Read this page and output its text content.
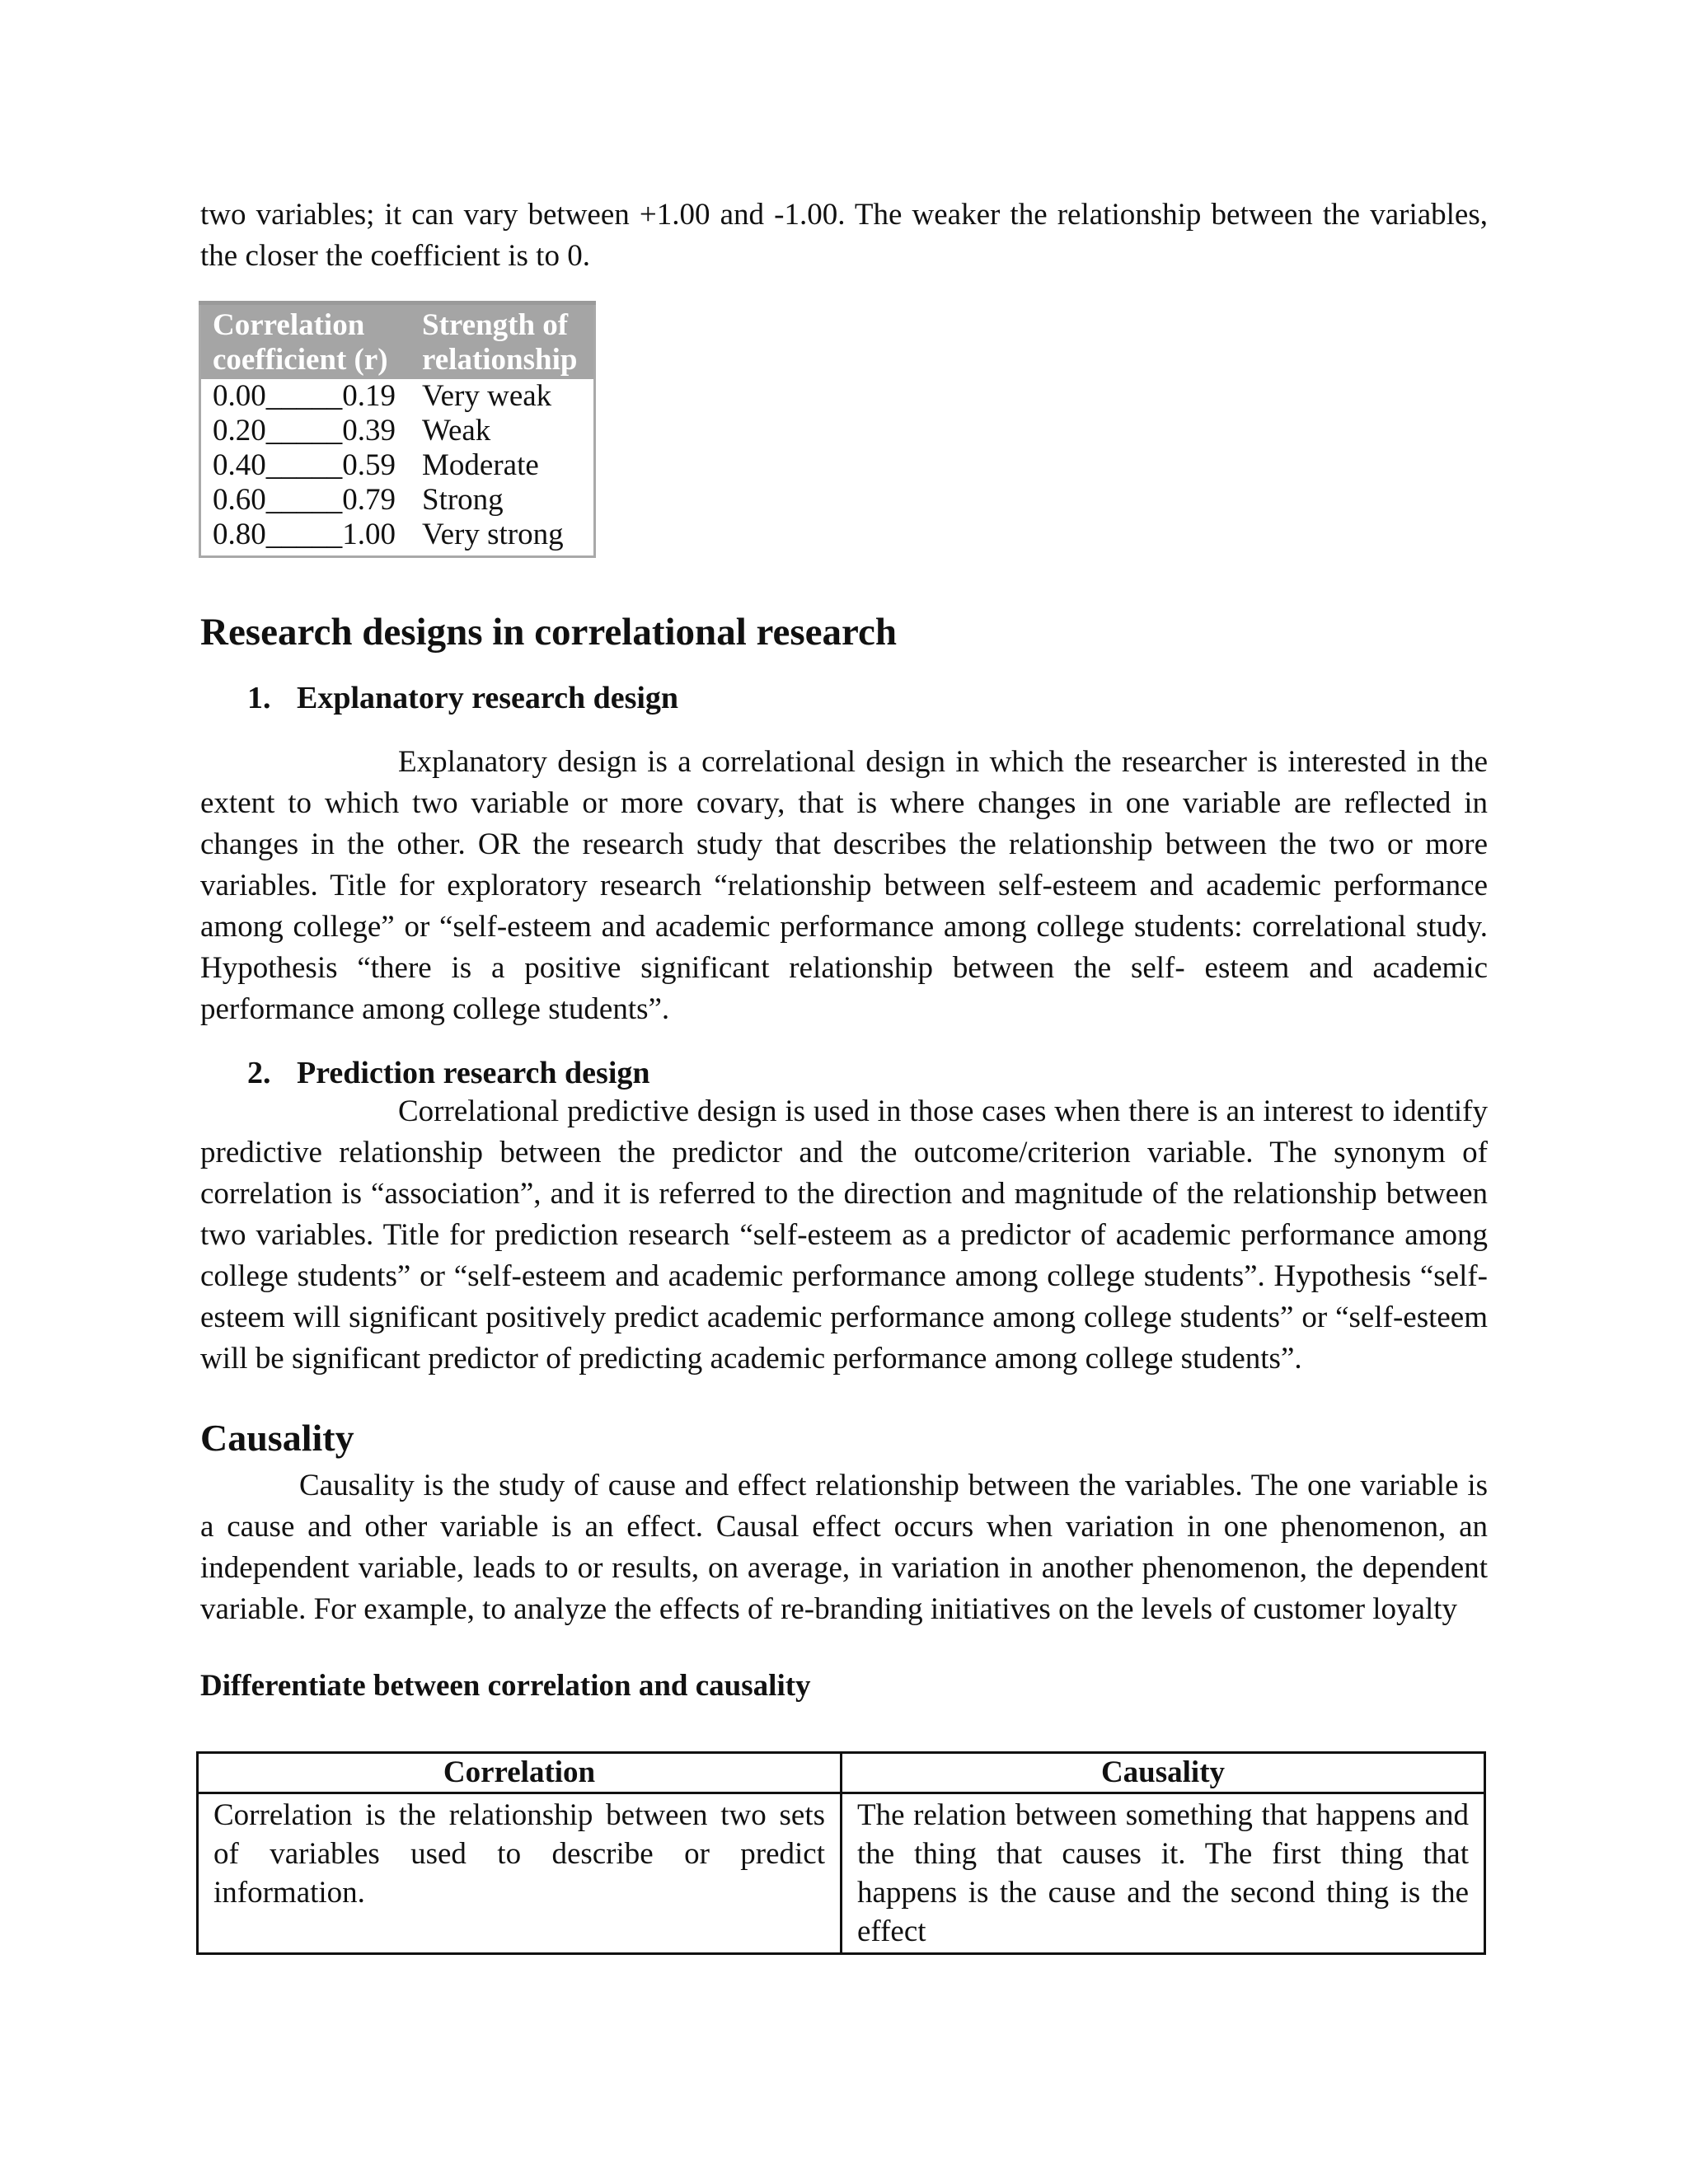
two variables; it can vary between +1.00 and -1.00. The weaker the relationship between the variables, the closer the coefficient is to 0.

Correlation coefficient (r)	Strength of relationship
0.00_____0.19	Very weak
0.20_____0.39	Weak
0.40_____0.59	Moderate
0.60_____0.79	Strong
0.80_____1.00	Very strong
Research designs in correlational research
1. Explanatory research design

Explanatory design is a correlational design in which the researcher is interested in the extent to which two variable or more covary, that is where changes in one variable are reflected in changes in the other. OR the research study that describes the relationship between the two or more variables. Title for exploratory research “relationship between self-esteem and academic performance among college” or “self-esteem and academic performance among college students: correlational study. Hypothesis “there is a positive significant relationship between the self- esteem and academic performance among college students”.

2. Prediction research design

Correlational predictive design is used in those cases when there is an interest to identify predictive relationship between the predictor and the outcome/criterion variable. The synonym of correlation is “association”, and it is referred to the direction and magnitude of the relationship between two variables. Title for prediction research “self-esteem as a predictor of academic performance among college students” or “self-esteem and academic performance among college students”. Hypothesis “self-esteem will significant positively predict academic performance among college students” or “self-esteem will be significant predictor of predicting academic performance among college students”.

Causality

Causality is the study of cause and effect relationship between the variables. The one variable is a cause and other variable is an effect. Causal effect occurs when variation in one phenomenon, an independent variable, leads to or results, on average, in variation in another phenomenon, the dependent variable. For example, to analyze the effects of re-branding initiatives on the levels of customer loyalty

Differentiate between correlation and causality
Correlation	Causality
Correlation is the relationship between two sets of variables used to describe or predict information.	The relation between something that happens and the thing that causes it. The first thing that happens is the cause and the second thing is the effect
